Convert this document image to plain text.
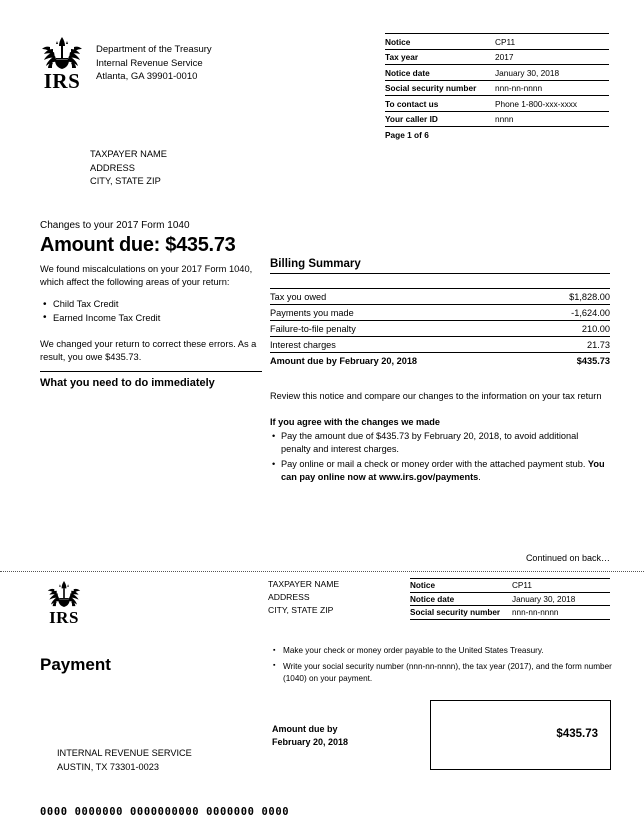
IRS
Department of the Treasury
Internal Revenue Service
Atlanta, GA 39901-0010
Notice	CP11
Tax year	2017
Notice date	January 30, 2018
Social security number	nnn-nn-nnnn
To contact us	Phone 1-800-xxx-xxxx
Your caller ID	nnnn
Page 1 of 6	
TAXPAYER NAME
ADDRESS
CITY, STATE ZIP
Changes to your 2017 Form 1040
Amount due: $435.73
We found miscalculations on your 2017 Form 1040, which affect the following areas of your return:
• Child Tax Credit
• Earned Income Tax Credit
We changed your return to correct these errors. As a result, you owe $435.73.
What you need to do immediately
Billing Summary
Tax you owed	$1,828.00
Payments you made	-1,624.00
Failure-to-file penalty	210.00
Interest charges	21.73
Amount due by February 20, 2018	$435.73
Review this notice and compare our changes to the information on your tax return
If you agree with the changes we made
• Pay the amount due of $435.73 by February 20, 2018, to avoid additional penalty and interest charges.
• Pay online or mail a check or money order with the attached payment stub. You can pay online now at www.irs.gov/payments.
Continued on back…
IRS
TAXPAYER NAME
ADDRESS
CITY, STATE ZIP
Notice	CP11
Notice date	January 30, 2018
Social security number	nnn-nn-nnnn
▪ Make your check or money order payable to the United States Treasury.
▪ Write your social security number (nnn-nn-nnnn), the tax year (2017), and the form number (1040) on your payment.
Payment
INTERNAL REVENUE SERVICE
AUSTIN, TX 73301-0023
Amount due by
February 20, 2018
$435.73
0000 0000000 0000000000 0000000 0000
